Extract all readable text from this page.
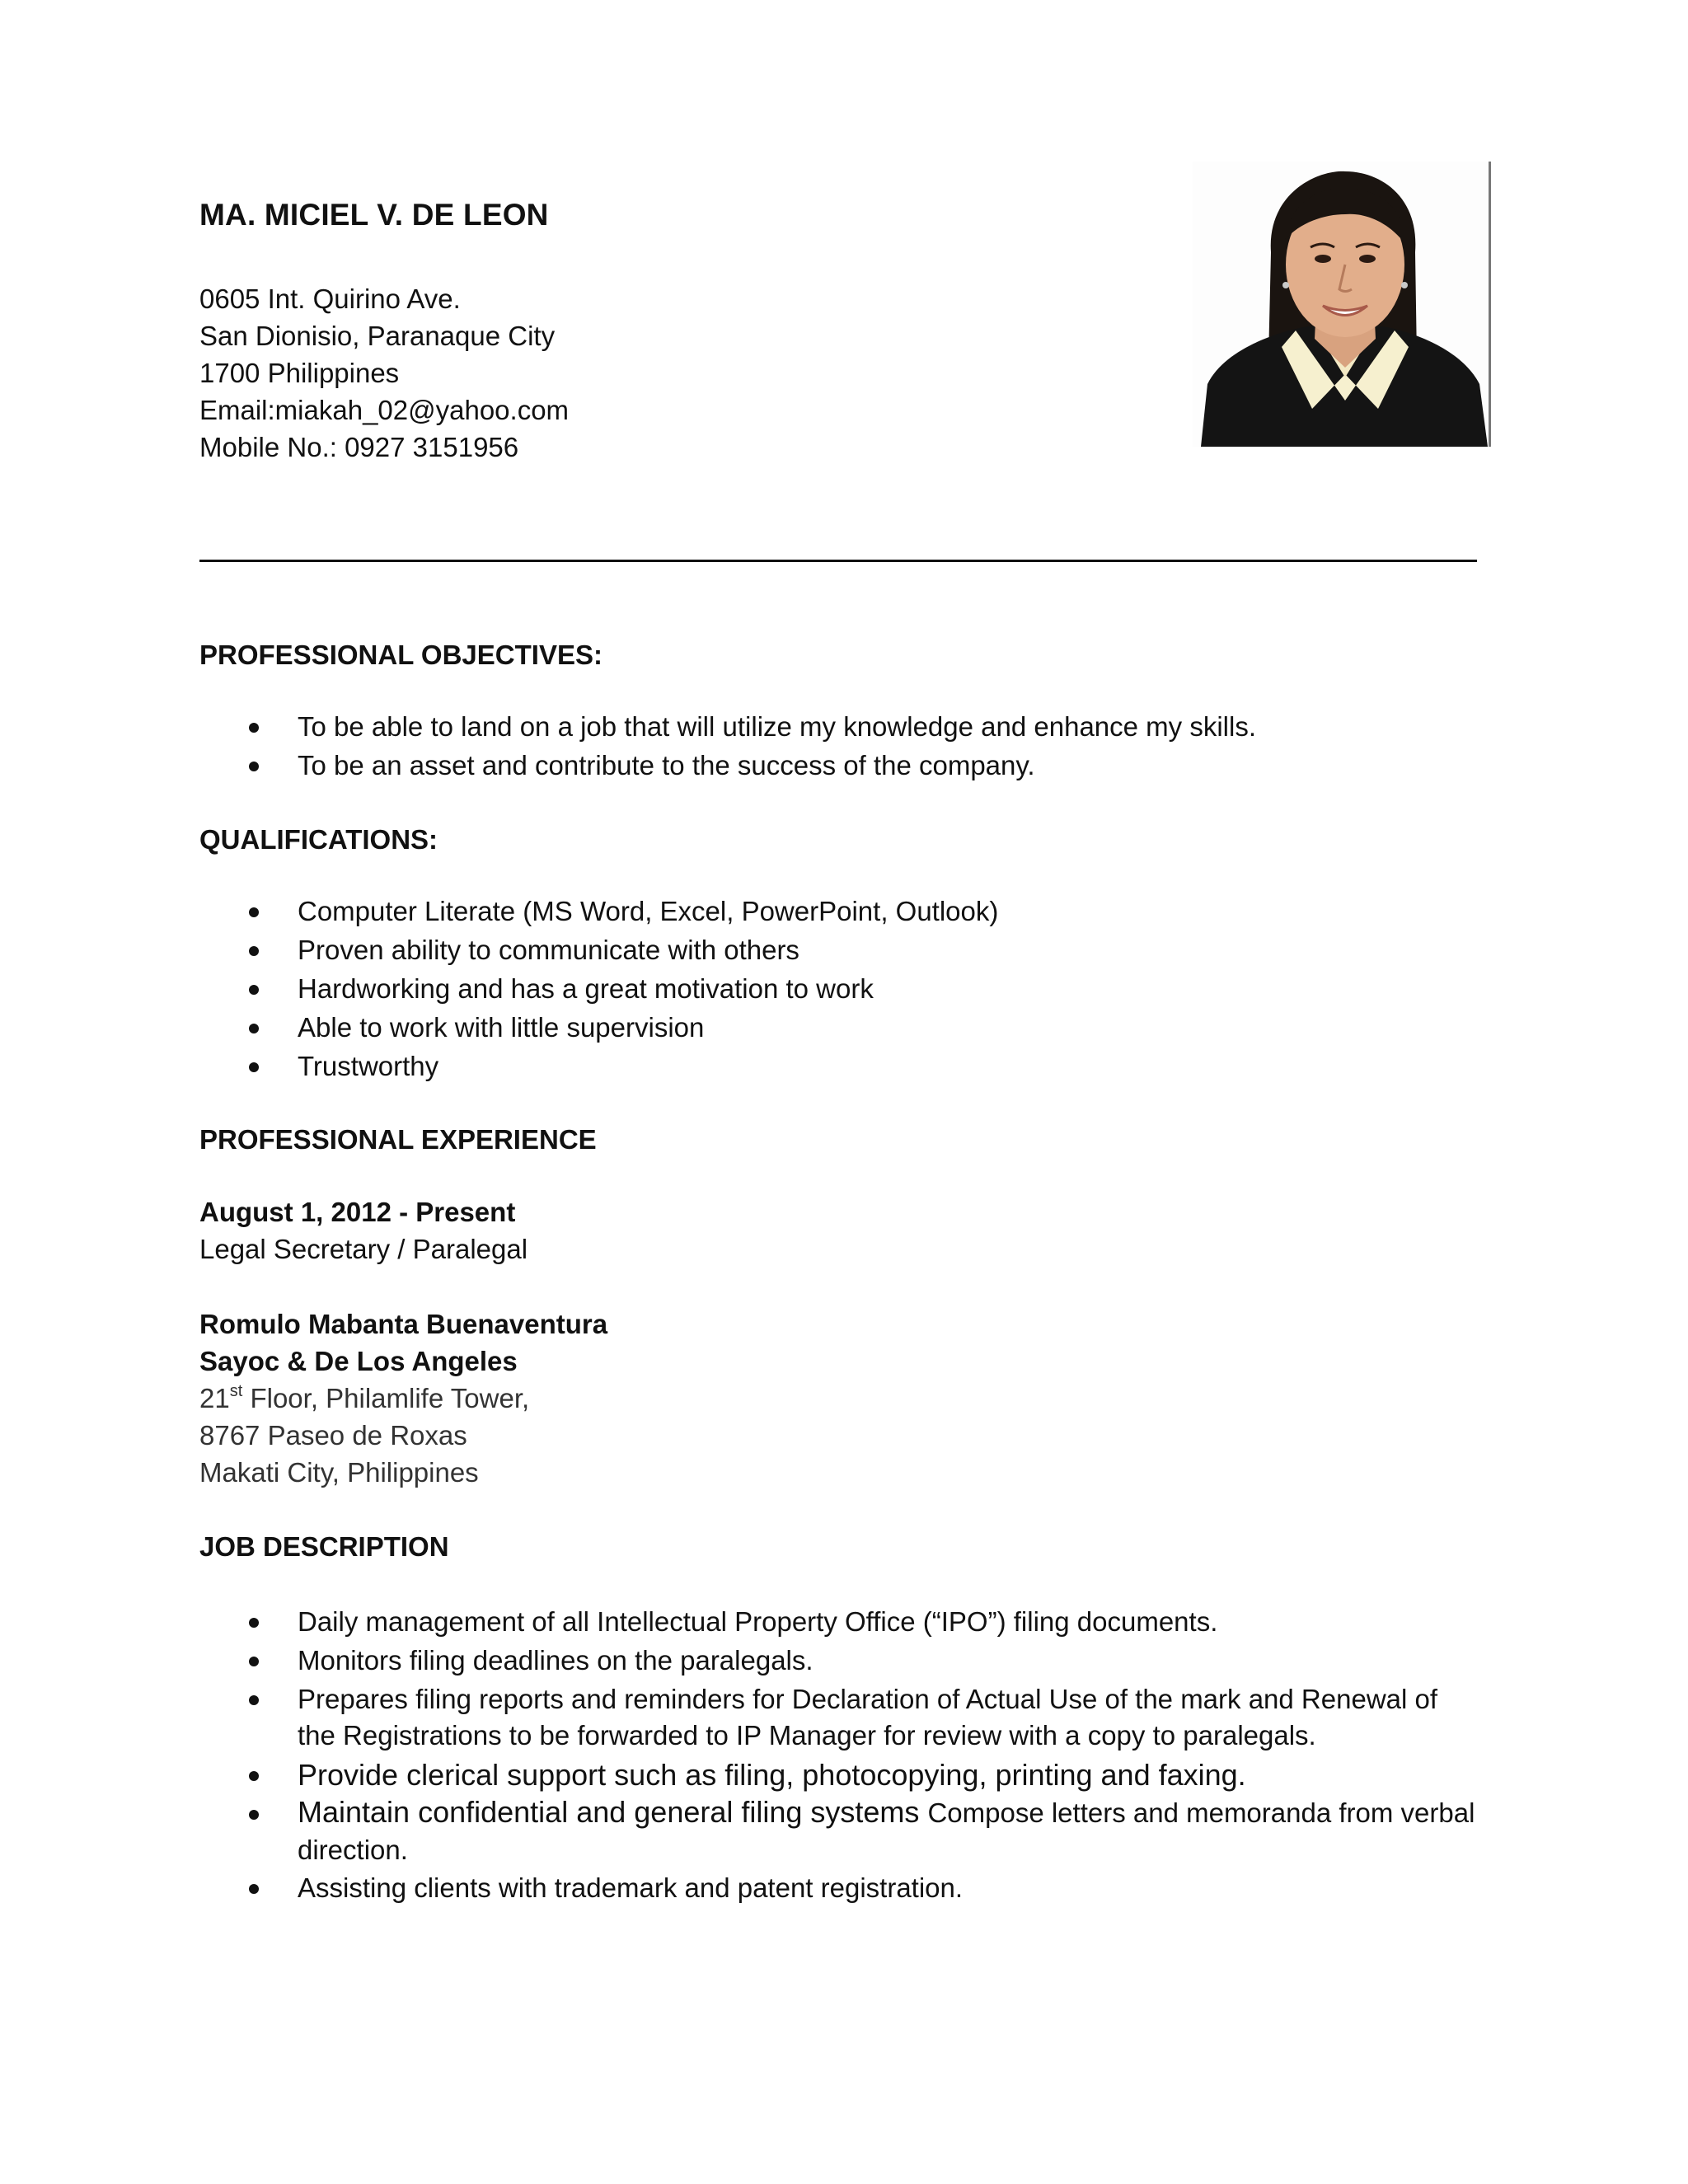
MA. MICIEL V. DE LEON
0605 Int. Quirino Ave.
San Dionisio, Paranaque City
1700 Philippines
Email:miakah_02@yahoo.com
Mobile No.: 0927 3151956
PROFESSIONAL OBJECTIVES:
To be able to land on a job that will utilize my knowledge and enhance my skills.
To be an asset and contribute to the success of the company.
QUALIFICATIONS:
Computer Literate (MS Word, Excel, PowerPoint, Outlook)
Proven ability to communicate with others
Hardworking and has a great motivation to work
Able to work with little supervision
Trustworthy
PROFESSIONAL EXPERIENCE
August 1, 2012 - Present
Legal Secretary / Paralegal
Romulo Mabanta Buenaventura
Sayoc & De Los Angeles
21st Floor, Philamlife Tower,
8767 Paseo de Roxas
Makati City, Philippines
JOB DESCRIPTION
Daily management of all Intellectual Property Office (“IPO”) filing documents.
Monitors filing deadlines on the paralegals.
Prepares filing reports and reminders for Declaration of Actual Use of the mark and Renewal of the Registrations to be forwarded to IP Manager for review with a copy to paralegals.
Provide clerical support such as filing, photocopying, printing and faxing.
Maintain confidential and general filing systems Compose letters and memoranda from verbal direction.
Assisting clients with trademark and patent registration.
